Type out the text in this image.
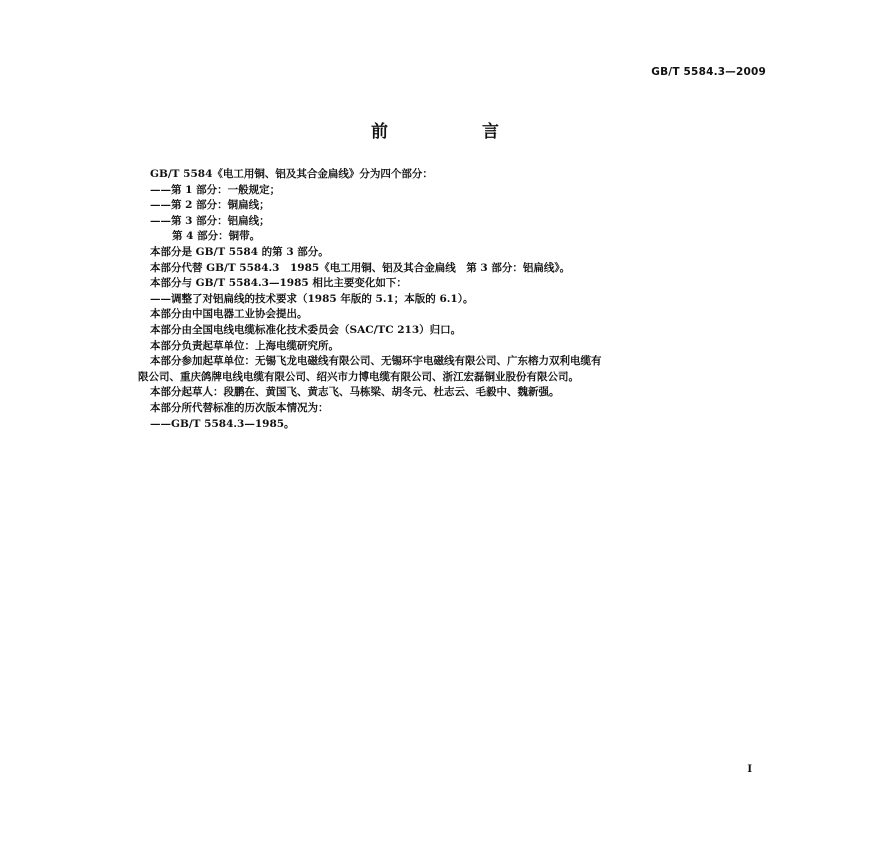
GB/T 5584.3—2009
前 言
GB/T 5584《电工用铜、铝及其合金扁线》分为四个部分：
——第 1 部分：一般规定；
——第 2 部分：铜扁线；
——第 3 部分：铝扁线；
第 4 部分：铜带。
本部分是 GB/T 5584 的第 3 部分。
本部分代替 GB/T 5584.3　1985《电工用铜、铝及其合金扁线　第 3 部分：铝扁线》。
本部分与 GB/T 5584.3—1985 相比主要变化如下：
——调整了对铝扁线的技术要求（1985 年版的 5.1；本版的 6.1）。
本部分由中国电器工业协会提出。
本部分由全国电线电缆标准化技术委员会（SAC/TC 213）归口。
本部分负责起草单位：上海电缆研究所。
本部分参加起草单位：无锡飞龙电磁线有限公司、无锡环宇电磁线有限公司、广东榕力双利电缆有
限公司、重庆鸽牌电线电缆有限公司、绍兴市力博电缆有限公司、浙江宏磊铜业股份有限公司。
本部分起草人：段鹏在、黄国飞、黄志飞、马栋梁、胡冬元、杜志云、毛毅中、魏新强。
本部分所代替标准的历次版本情况为：
——GB/T 5584.3—1985。
I
